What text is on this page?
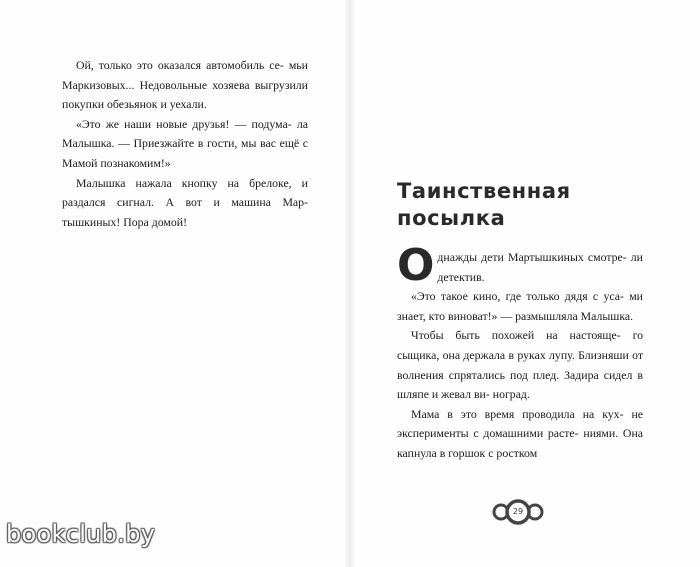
Ой, только это оказался автомобиль се- мьи Маркизовых... Недовольные хозяева выгрузили покупки обезьянок и уехали.

«Это же наши новые друзья! — подума- ла Малышка. — Приезжайте в гости, мы вас ещё с Мамой познакомим!»

Малышка нажала кнопку на брелоке, и раздался сигнал. А вот и машина Мар- тышкиных! Пора домой!

Таинственная
посылка

Однажды дети Мартышкиных смотре- ли детектив.

«Это такое кино, где только дядя с уса- ми знает, кто виноват!» — размышляла Малышка.

Чтобы быть похожей на настояще- го сыщика, она держала в руках лупу. Близняши от волнения спрятались под плед. Задира сидел в шляпе и жевал ви- ноград.

Мама в это время проводила на кух- не эксперименты с домашними расте- ниями. Она капнула в горшок с ростком

29
bookclub.by
